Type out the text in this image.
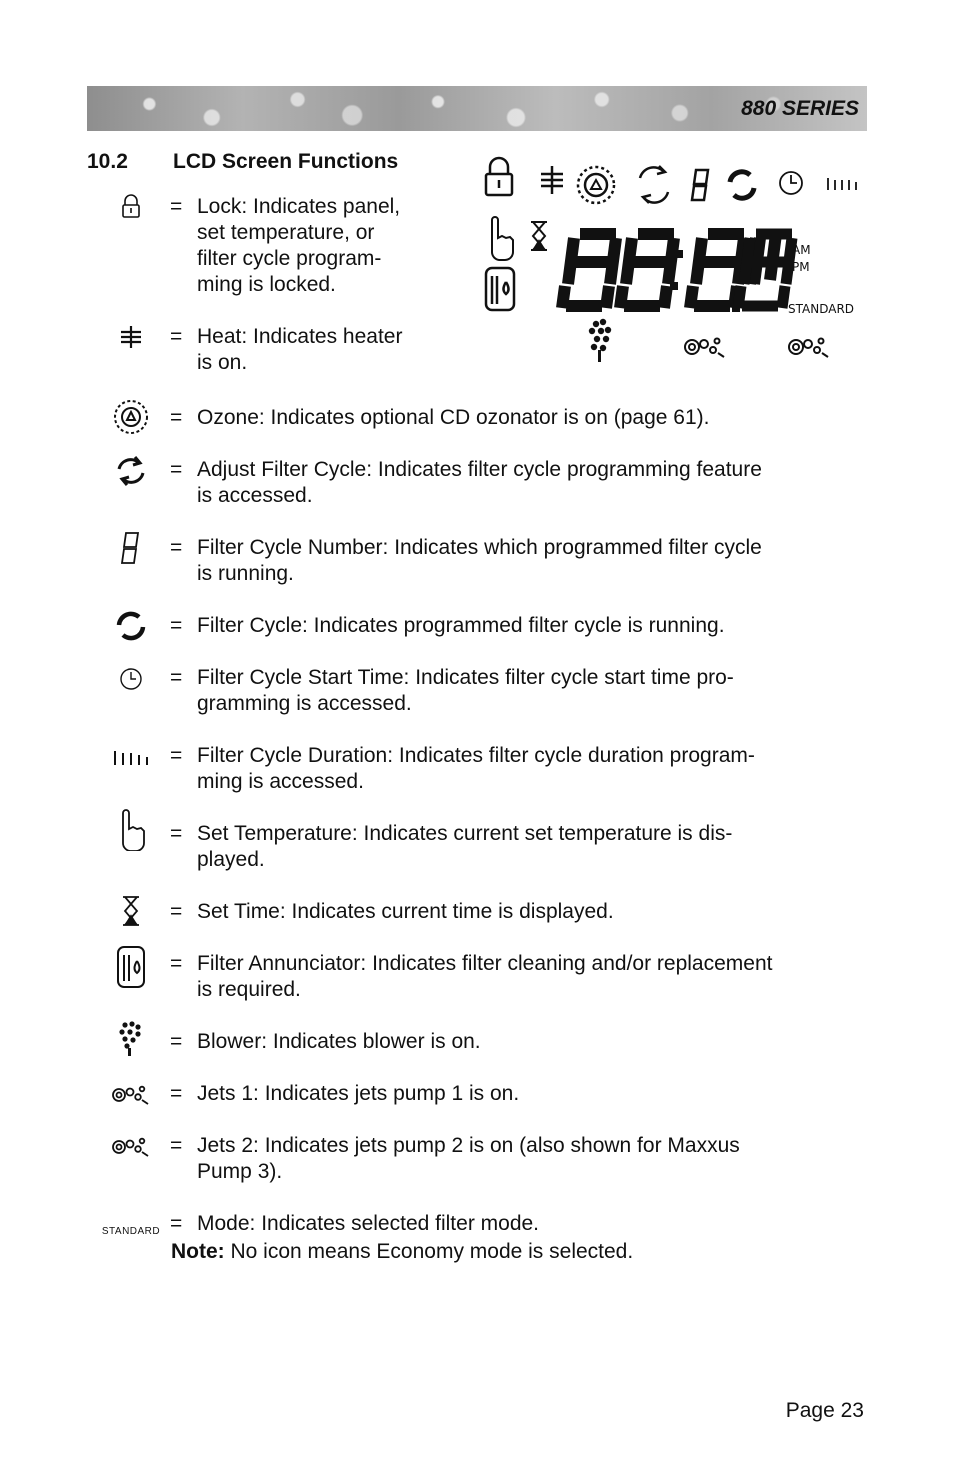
880 SERIES
10.2 LCD Screen Functions
AM
PM
STANDARD
= Lock: Indicates panel,
set temperature, or
filter cycle program-
ming is locked.
= Heat: Indicates heater
is on.
= Ozone: Indicates optional CD ozonator is on (page 61).
= Adjust Filter Cycle: Indicates filter cycle programming feature
is accessed.
= Filter Cycle Number: Indicates which programmed filter cycle
is running.
= Filter Cycle: Indicates programmed filter cycle is running.
= Filter Cycle Start Time: Indicates filter cycle start time pro-
gramming is accessed.
= Filter Cycle Duration: Indicates filter cycle duration program-
ming is accessed.
= Set Temperature: Indicates current set temperature is dis-
played.
= Set Time: Indicates current time is displayed.
= Filter Annunciator: Indicates filter cleaning and/or replacement
is required.
= Blower: Indicates blower is on.
= Jets 1: Indicates jets pump 1 is on.
= Jets 2: Indicates jets pump 2 is on (also shown for Maxxus
Pump 3).
STANDARD = Mode: Indicates selected filter mode.
Note: No icon means Economy mode is selected.
Page 23
